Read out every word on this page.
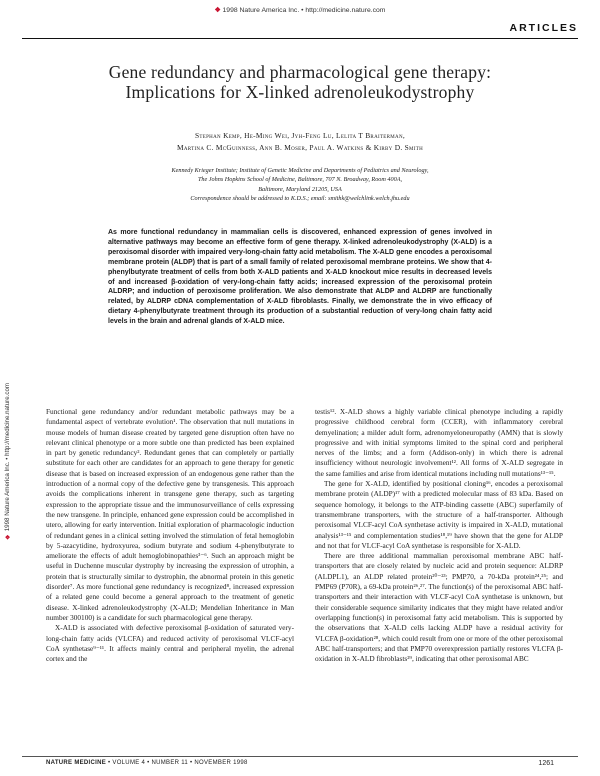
❖ 1998 Nature America Inc. • http://medicine.nature.com
ARTICLES
Gene redundancy and pharmacological gene therapy:
Implications for X-linked adrenoleukodystrophy
Stephan Kemp, He-Ming Wei, Jyh-Feng Lu, Lelita T Braiterman,
Martina C. McGuinness, Ann B. Moser, Paul A. Watkins & Kirby D. Smith
Kennedy Krieger Institute; Institute of Genetic Medicine and Departments of Pediatrics and Neurology,
The Johns Hopkins School of Medicine, Baltimore, 707 N. Broadway, Room 400A,
Baltimore, Maryland 21205, USA
Correspondence should be addressed to K.D.S.; email: smithk@welchlink.welch.jhu.edu
As more functional redundancy in mammalian cells is discovered, enhanced expression of genes involved in alternative pathways may become an effective form of gene therapy. X-linked adrenoleukodystrophy (X-ALD) is a peroxisomal disorder with impaired very-long-chain fatty acid metabolism. The X-ALD gene encodes a peroxisomal membrane protein (ALDP) that is part of a small family of related peroxisomal membrane proteins. We show that 4-phenylbutyrate treatment of cells from both X-ALD patients and X-ALD knockout mice results in decreased levels of and increased β-oxidation of very-long-chain fatty acids; increased expression of the peroxisomal protein ALDRP; and induction of peroxisome proliferation. We also demonstrate that ALDP and ALDRP are functionally related, by ALDRP cDNA complementation of X-ALD fibroblasts. Finally, we demonstrate the in vivo efficacy of dietary 4-phenylbutyrate treatment through its production of a substantial reduction of very-long chain fatty acid levels in the brain and adrenal glands of X-ALD mice.
❖ 1998 Nature America Inc. • http://medicine.nature.com	Functional gene redundancy and/or redundant metabolic pathways may be a fundamental aspect of vertebrate evolution¹. The observation that null mutations in mouse models of human disease created by targeted gene disruption often have no relevant clinical phenotype or a more subtle one than predicted has been explained in part by genetic redundancy². Redundant genes that can completely or partially substitute for each other are candidates for an approach to gene therapy for genetic disease that is based on increased expression of an endogenous gene rather than the introduction of a normal copy of the defective gene by transgenesis. This approach avoids the complications inherent in transgene gene therapy, such as targeting expression to the appropriate tissue and the immunosurveillance of cells expressing the new transgene. In principle, enhanced gene expression could be accomplished in utero, allowing for early intervention. Initial exploration of pharmacologic induction of redundant genes in a clinical setting involved the stimulation of fetal hemoglobin by 5-azacytidine, hydroxyurea, sodium butyrate and sodium 4-phenylbutyrate to ameliorate the effects of adult hemoglobinopathies³⁻⁶. Such an approach might be useful in Duchenne muscular dystrophy by increasing the expression of utrophin, a protein that is structurally similar to dystrophin, the abnormal protein in this genetic disorder⁷. As more functional gene redundancy is recognized⁸, increased expression of a related gene could become a general approach to the treatment of genetic disease. X-linked adrenoleukodystrophy (X-ALD; Mendelian Inheritance in Man number 300100) is a candidate for such pharmacological gene therapy.

X-ALD is associated with defective peroxisomal β-oxidation of saturated very-long-chain fatty acids (VLCFA) and reduced activity of peroxisomal VLCF-acyl CoA synthetase⁹⁻¹¹. It affects mainly central and peripheral myelin, the adrenal cortex and the

testis¹². X-ALD shows a highly variable clinical phenotype including a rapidly progressive childhood cerebral form (CCER), with inflammatory cerebral demyelination; a milder adult form, adrenomyeloneuropathy (AMN) that is slowly progressive and with initial symptoms limited to the spinal cord and peripheral nerves of the limbs; and a form (Addison-only) in which there is adrenal insufficiency without neurologic involvement¹². All forms of X-ALD segregate in the same families and arise from identical mutations including null mutations¹³⁻¹⁵.

The gene for X-ALD, identified by positional cloning¹⁶, encodes a peroxisomal membrane protein (ALDP)¹⁷ with a predicted molecular mass of 83 kDa. Based on sequence homology, it belongs to the ATP-binding cassette (ABC) superfamily of transmembrane transporters, with the structure of a half-transporter. Although peroxisomal VLCF-acyl CoA synthetase activity is impaired in X-ALD, mutational analysis¹³⁻¹⁵ and complementation studies¹⁸,¹⁹ have shown that the gene for ALDP and not that for VLCF-acyl CoA synthetase is responsible for X-ALD.

There are three additional mammalian peroxisomal membrane ABC half-transporters that are closely related by nucleic acid and protein sequence: ALDRP (ALDPL1), an ALDP related protein²⁰⁻²³; PMP70, a 70-kDa protein²⁴,²⁵; and PMP69 (P70R), a 69-kDa protein²⁶,²⁷. The function(s) of the peroxisomal ABC half-transporters and their interaction with VLCF-acyl CoA synthetase is unknown, but their considerable sequence similarity indicates that they might have related and/or overlapping function(s) in peroxisomal fatty acid metabolism. This is supported by the observations that X-ALD cells lacking ALDP have a residual activity for VLCFA β-oxidation²⁸, which could result from one or more of the other peroxisomal ABC half-transporters; and that PMP70 overexpression partially restores VLCFA β-oxidation in X-ALD fibroblasts²⁹, indicating that other peroxisomal ABC

NATURE MEDICINE • VOLUME 4 • NUMBER 11 • NOVEMBER 1998	1261
